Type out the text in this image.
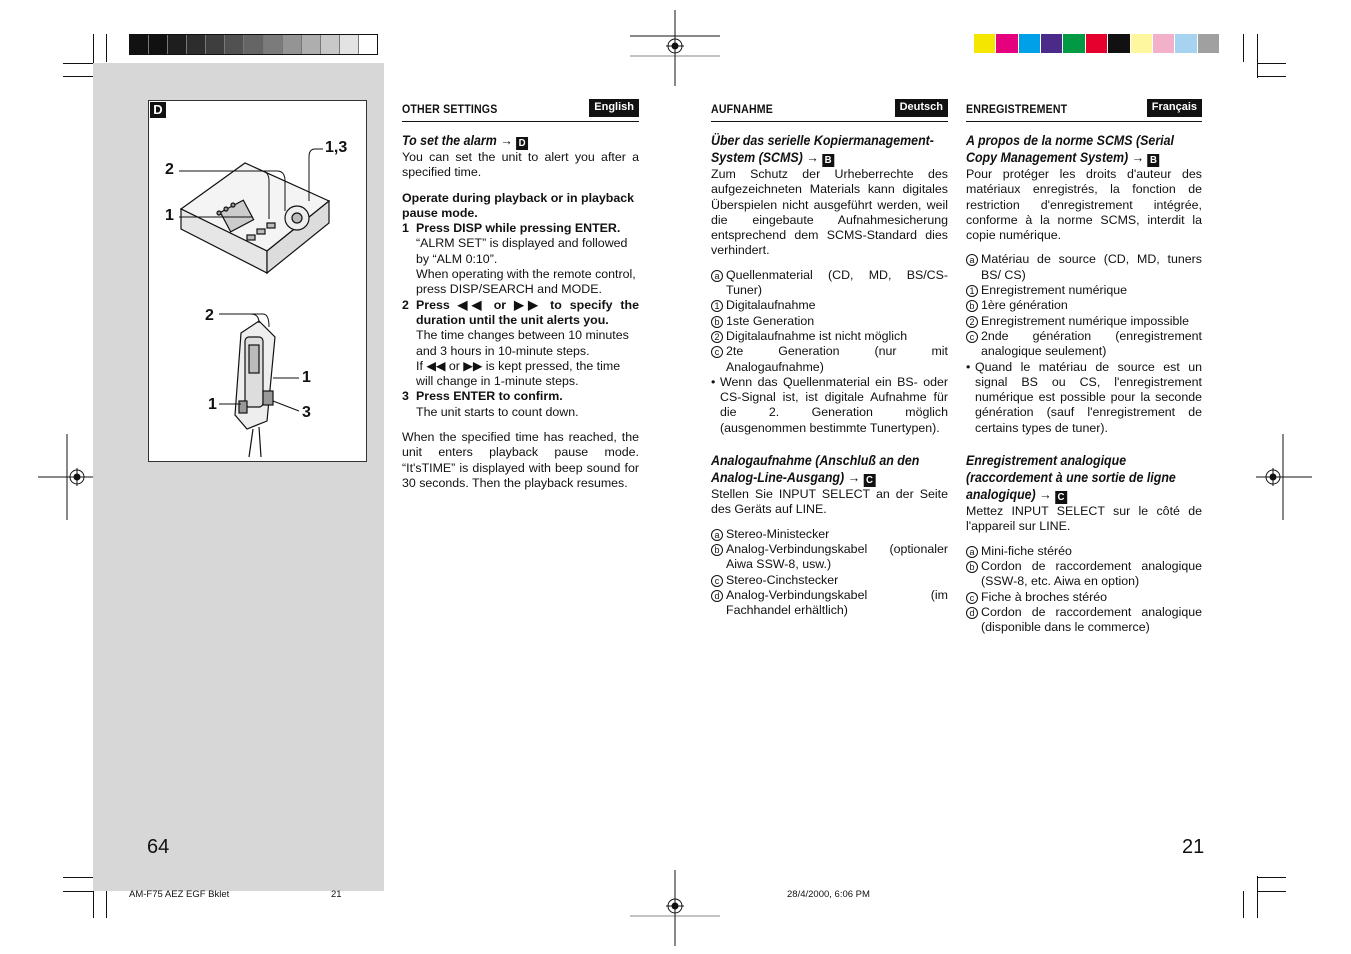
D
1,3
2
1
2
1
1	3
OTHER SETTINGS	English

To set the alarm → D

You can set the unit to alert you after a specified time.

Operate during playback or in playback pause mode.

1 Press DISP while pressing ENTER.
“ALRM SET” is displayed and followed by “ALM 0:10”.
When operating with the remote control, press DISP/SEARCH and MODE.
2 Press ◀◀ or ▶▶ to specify the duration until the unit alerts you.
The time changes between 10 minutes and 3 hours in 10-minute steps.
If ◀◀ or ▶▶ is kept pressed, the time will change in 1-minute steps.
3 Press ENTER to confirm.
The unit starts to count down.

When the specified time has reached, the unit enters playback pause mode. “It'sTIME” is displayed with beep sound for 30 seconds. Then the playback resumes.

AUFNAHME	Deutsch

Über das serielle Kopiermanagement-

System (SCMS) → B

Zum Schutz der Urheberrechte des aufgezeichneten Materials kann digitales Überspielen nicht ausgeführt werden, weil die eingebaute Aufnahmesicherung entsprechend dem SCMS-Standard dies verhindert.

a Quellenmaterial (CD, MD, BS/CS-Tuner)
1 Digitalaufnahme
b 1ste Generation
2 Digitalaufnahme ist nicht möglich
c 2te Generation (nur mit Analogaufnahme)
• Wenn das Quellenmaterial ein BS- oder CS-Signal ist, ist digitale Aufnahme für die 2. Generation möglich (ausgenommen bestimmte Tunertypen).

Analogaufnahme (Anschluß an den

Analog-Line-Ausgang) → C

Stellen Sie INPUT SELECT an der Seite des Geräts auf LINE.

a Stereo-Ministecker
b Analog-Verbindungskabel (optionaler Aiwa SSW-8, usw.)
c Stereo-Cinchstecker
d Analog-Verbindungskabel (im Fachhandel erhältlich)
ENREGISTREMENT	Français

A propos de la norme SCMS (Serial

Copy Management System) → B

Pour protéger les droits d'auteur des matériaux enregistrés, la fonction de restriction d'enregistrement intégrée, conforme à la norme SCMS, interdit la copie numérique.

a Matériau de source (CD, MD, tuners BS/ CS)
1 Enregistrement numérique
b 1ère génération
2 Enregistrement numérique impossible
c 2nde génération (enregistrement analogique seulement)
• Quand le matériau de source est un signal BS ou CS, l'enregistrement numérique est possible pour la seconde génération (sauf l'enregistrement de certains types de tuner).

Enregistrement analogique

(raccordement à une sortie de ligne

analogique) → C

Mettez INPUT SELECT sur le côté de l'appareil sur LINE.

a Mini-fiche stéréo
b Cordon de raccordement analogique (SSW-8, etc. Aiwa en option)
c Fiche à broches stéréo
d Cordon de raccordement analogique (disponible dans le commerce)
64	21
AM-F75 AEZ EGF Bklet	21	28/4/2000, 6:06 PM
